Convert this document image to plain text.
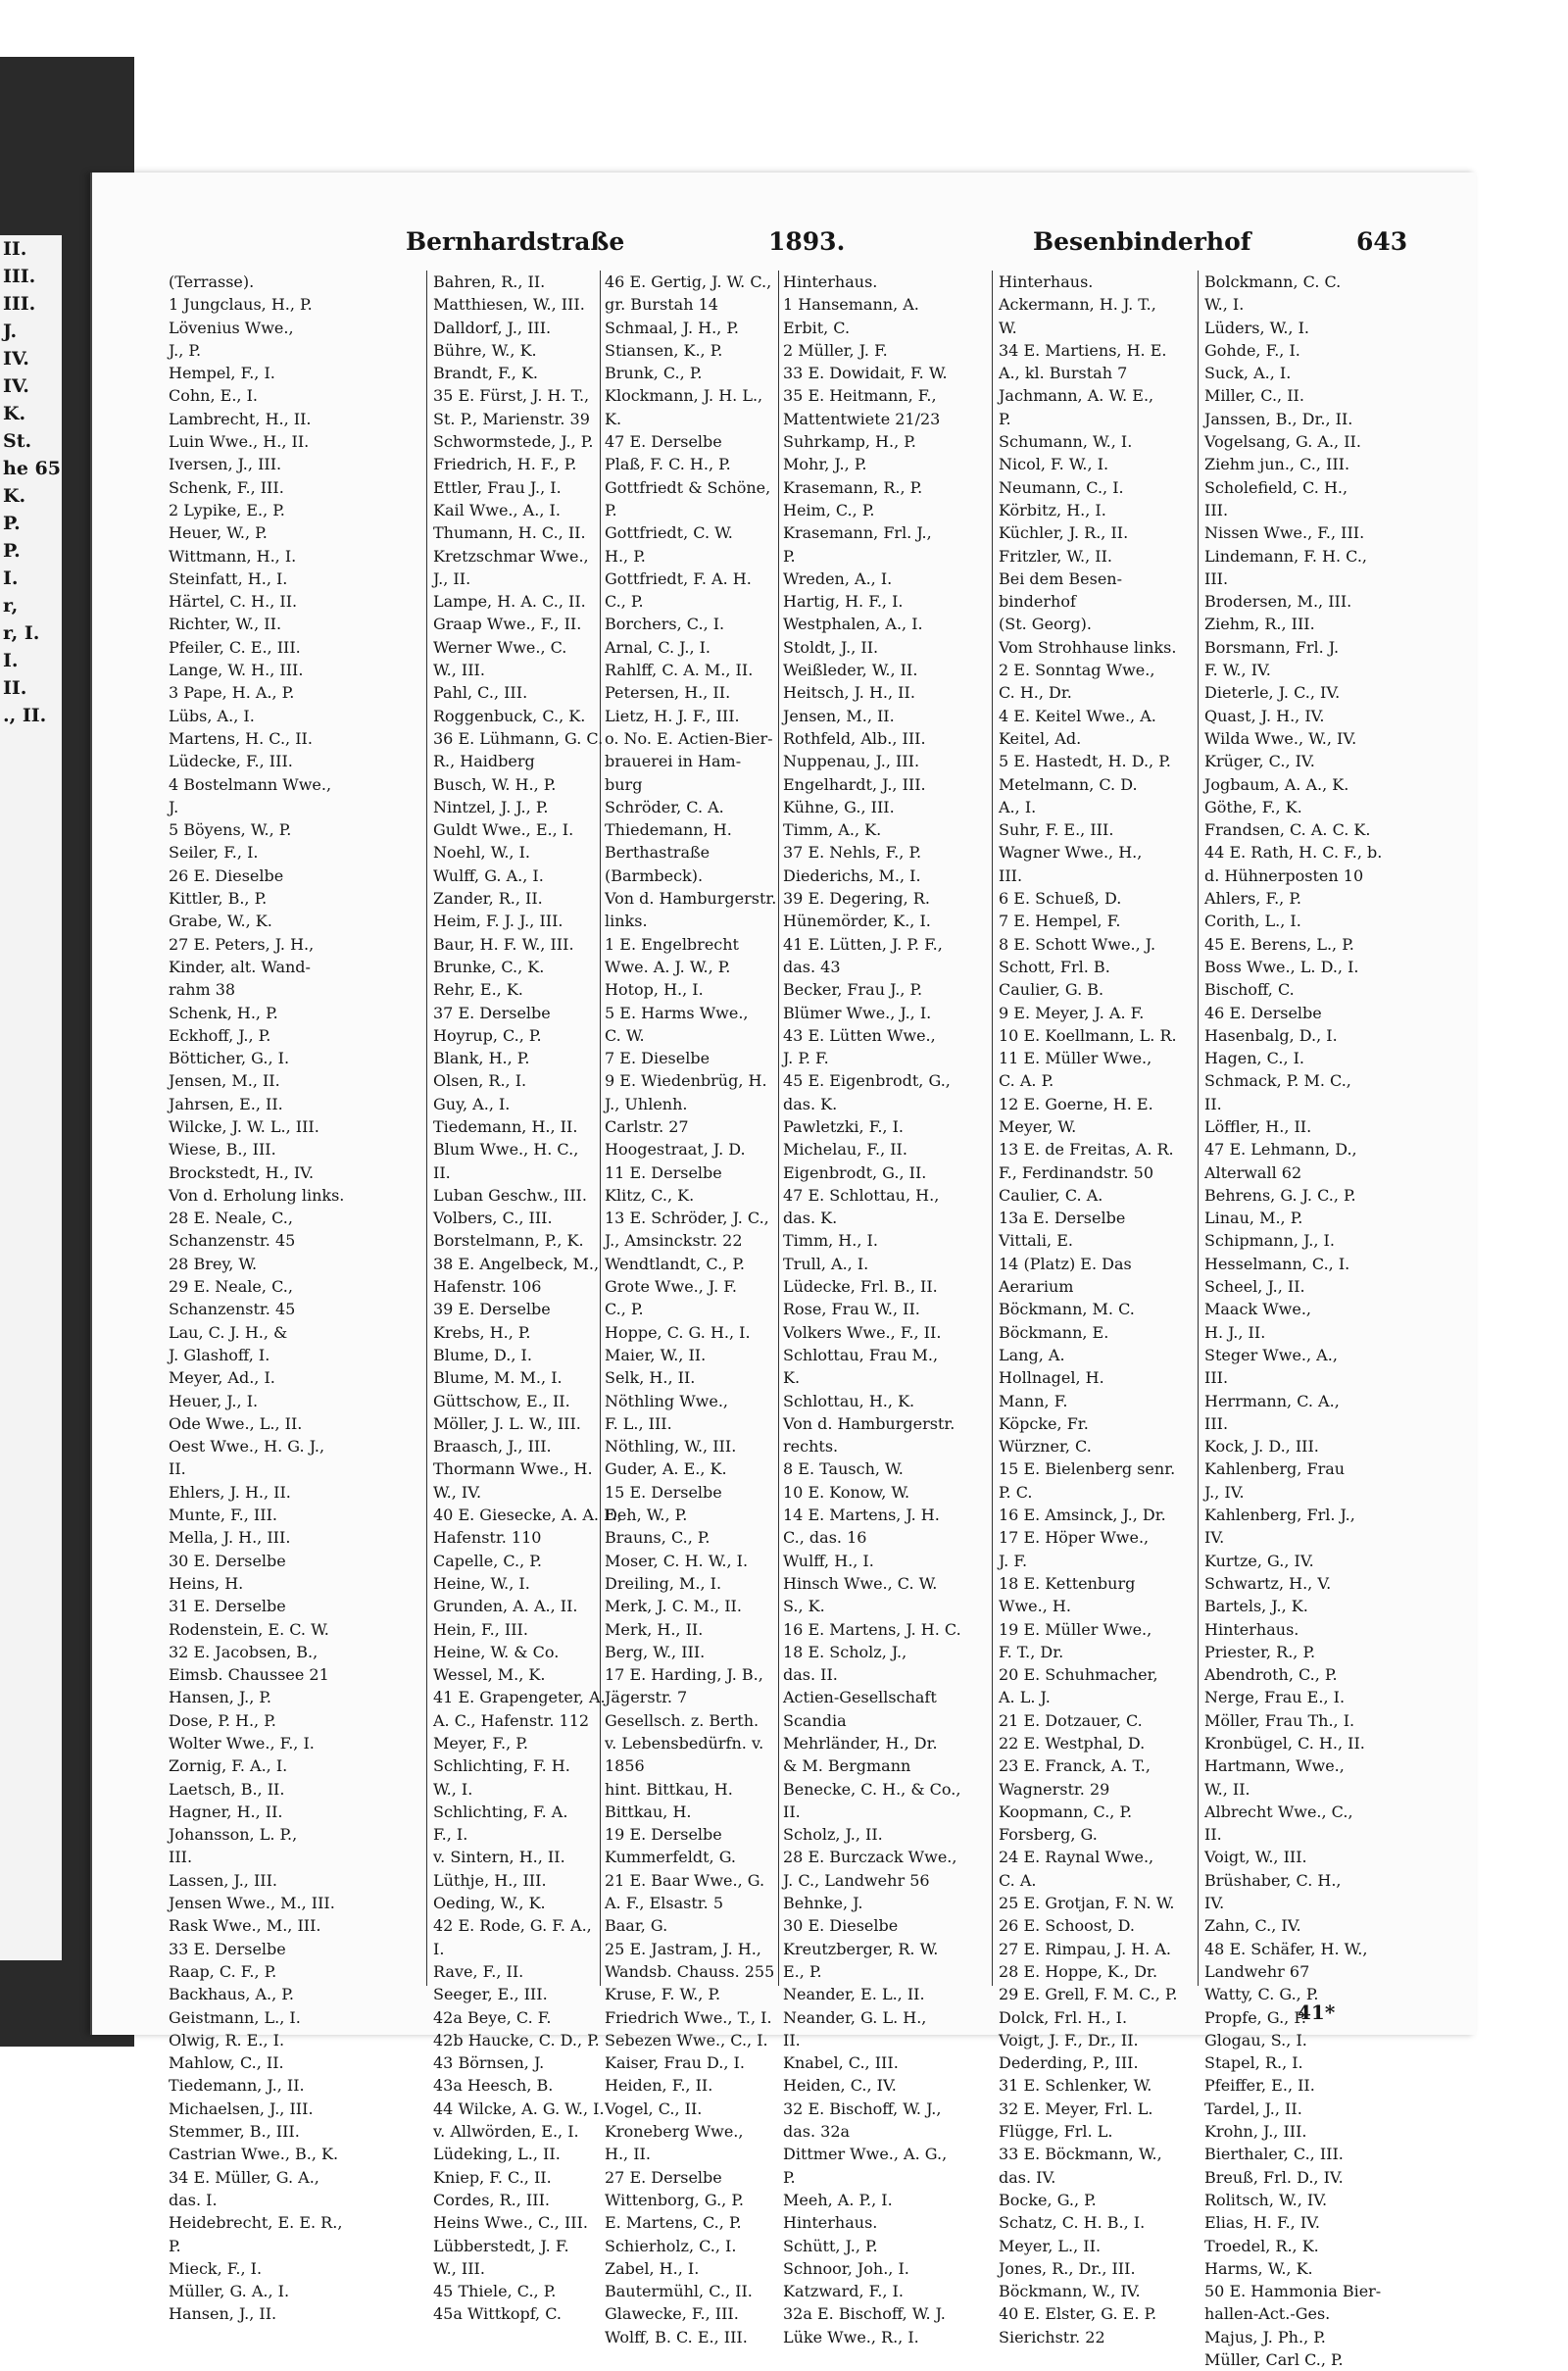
II.
III.
III.
J.
IV.
IV.
K.
St.
he 65
K.
P.
P.
I.
r,
r, I.
I.
II.
., II.
Bernhardstraße	1893.	Besenbinderhof	643
(Terrasse).
1 Jungclaus, H., P.
Lövenius Wwe.,
J., P.
Hempel, F., I.
Cohn, E., I.
Lambrecht, H., II.
Luin Wwe., H., II.
Iversen, J., III.
Schenk, F., III.
2 Lypike, E., P.
Heuer, W., P.
Wittmann, H., I.
Steinfatt, H., I.
Härtel, C. H., II.
Richter, W., II.
Pfeiler, C. E., III.
Lange, W. H., III.
3 Pape, H. A., P.
Lübs, A., I.
Martens, H. C., II.
Lüdecke, F., III.
4 Bostelmann Wwe.,
J.
5 Böyens, W., P.
Seiler, F., I.
26 E. Dieselbe
Kittler, B., P.
Grabe, W., K.
27 E. Peters, J. H.,
Kinder, alt. Wand-
rahm 38
Schenk, H., P.
Eckhoff, J., P.
Bötticher, G., I.
Jensen, M., II.
Jahrsen, E., II.
Wilcke, J. W. L., III.
Wiese, B., III.
Brockstedt, H., IV.
Von d. Erholung links.
28 E. Neale, C.,
Schanzenstr. 45
28 Brey, W.
29 E. Neale, C.,
Schanzenstr. 45
Lau, C. J. H., &
J. Glashoff, I.
Meyer, Ad., I.
Heuer, J., I.
Ode Wwe., L., II.
Oest Wwe., H. G. J.,
II.
Ehlers, J. H., II.
Munte, F., III.
Mella, J. H., III.
30 E. Derselbe
Heins, H.
31 E. Derselbe
Rodenstein, E. C. W.
32 E. Jacobsen, B.,
Eimsb. Chaussee 21
Hansen, J., P.
Dose, P. H., P.
Wolter Wwe., F., I.
Zornig, F. A., I.
Laetsch, B., II.
Hagner, H., II.
Johansson, L. P.,
III.
Lassen, J., III.
Jensen Wwe., M., III.
Rask Wwe., M., III.
33 E. Derselbe
Raap, C. F., P.
Backhaus, A., P.
Geistmann, L., I.
Olwig, R. E., I.
Mahlow, C., II.
Tiedemann, J., II.
Michaelsen, J., III.
Stemmer, B., III.
Castrian Wwe., B., K.
34 E. Müller, G. A.,
das. I.
Heidebrecht, E. E. R.,
P.
Mieck, F., I.
Müller, G. A., I.
Hansen, J., II.
Bahren, R., II.
Matthiesen, W., III.
Dalldorf, J., III.
Bühre, W., K.
Brandt, F., K.
35 E. Fürst, J. H. T.,
St. P., Marienstr. 39
Schwormstede, J., P.
Friedrich, H. F., P.
Ettler, Frau J., I.
Kail Wwe., A., I.
Thumann, H. C., II.
Kretzschmar Wwe.,
J., II.
Lampe, H. A. C., II.
Graap Wwe., F., II.
Werner Wwe., C.
W., III.
Pahl, C., III.
Roggenbuck, C., K.
36 E. Lühmann, G. C.
R., Haidberg
Busch, W. H., P.
Nintzel, J. J., P.
Guldt Wwe., E., I.
Noehl, W., I.
Wulff, G. A., I.
Zander, R., II.
Heim, F. J. J., III.
Baur, H. F. W., III.
Brunke, C., K.
Rehr, E., K.
37 E. Derselbe
Hoyrup, C., P.
Blank, H., P.
Olsen, R., I.
Guy, A., I.
Tiedemann, H., II.
Blum Wwe., H. C.,
II.
Luban Geschw., III.
Volbers, C., III.
Borstelmann, P., K.
38 E. Angelbeck, M.,
Hafenstr. 106
39 E. Derselbe
Krebs, H., P.
Blume, D., I.
Blume, M. M., I.
Güttschow, E., II.
Möller, J. L. W., III.
Braasch, J., III.
Thormann Wwe., H.
W., IV.
40 E. Giesecke, A. A. F.,
Hafenstr. 110
Capelle, C., P.
Heine, W., I.
Grunden, A. A., II.
Hein, F., III.
Heine, W. & Co.
Wessel, M., K.
41 E. Grapengeter, A.
A. C., Hafenstr. 112
Meyer, F., P.
Schlichting, F. H.
W., I.
Schlichting, F. A.
F., I.
v. Sintern, H., II.
Lüthje, H., III.
Oeding, W., K.
42 E. Rode, G. F. A.,
I.
Rave, F., II.
Seeger, E., III.
42a Beye, C. F.
42b Haucke, C. D., P.
43 Börnsen, J.
43a Heesch, B.
44 Wilcke, A. G. W., I.
v. Allwörden, E., I.
Lüdeking, L., II.
Kniep, F. C., II.
Cordes, R., III.
Heins Wwe., C., III.
Lübberstedt, J. F.
W., III.
45 Thiele, C., P.
45a Wittkopf, C.
46 E. Gertig, J. W. C.,
gr. Burstah 14
Schmaal, J. H., P.
Stiansen, K., P.
Brunk, C., P.
Klockmann, J. H. L.,
K.
47 E. Derselbe
Plaß, F. C. H., P.
Gottfriedt & Schöne,
P.
Gottfriedt, C. W.
H., P.
Gottfriedt, F. A. H.
C., P.
Borchers, C., I.
Arnal, C. J., I.
Rahlff, C. A. M., II.
Petersen, H., II.
Lietz, H. J. F., III.
o. No. E. Actien-Bier-
brauerei in Ham-
burg
Schröder, C. A.
Thiedemann, H.
Berthastraße
(Barmbeck).
Von d. Hamburgerstr.
links.
1 E. Engelbrecht
Wwe. A. J. W., P.
Hotop, H., I.
5 E. Harms Wwe.,
C. W.
7 E. Dieselbe
9 E. Wiedenbrüg, H.
J., Uhlenh.
Carlstr. 27
Hoogestraat, J. D.
11 E. Derselbe
Klitz, C., K.
13 E. Schröder, J. C.,
J., Amsinckstr. 22
Wendtlandt, C., P.
Grote Wwe., J. F.
C., P.
Hoppe, C. G. H., I.
Maier, W., II.
Selk, H., II.
Nöthling Wwe.,
F. L., III.
Nöthling, W., III.
Guder, A. E., K.
15 E. Derselbe
Deh, W., P.
Brauns, C., P.
Moser, C. H. W., I.
Dreiling, M., I.
Merk, J. C. M., II.
Merk, H., II.
Berg, W., III.
17 E. Harding, J. B.,
Jägerstr. 7
Gesellsch. z. Berth.
v. Lebensbedürfn. v.
1856
hint. Bittkau, H.
Bittkau, H.
19 E. Derselbe
Kummerfeldt, G.
21 E. Baar Wwe., G.
A. F., Elsastr. 5
Baar, G.
25 E. Jastram, J. H.,
Wandsb. Chauss. 255
Kruse, F. W., P.
Friedrich Wwe., T., I.
Sebezen Wwe., C., I.
Kaiser, Frau D., I.
Heiden, F., II.
Vogel, C., II.
Kroneberg Wwe.,
H., II.
27 E. Derselbe
Wittenborg, G., P.
E. Martens, C., P.
Schierholz, C., I.
Zabel, H., I.
Bautermühl, C., II.
Glawecke, F., III.
Wolff, B. C. E., III.
Hinterhaus.
1 Hansemann, A.
Erbit, C.
2 Müller, J. F.
33 E. Dowidait, F. W.
35 E. Heitmann, F.,
Mattentwiete 21/23
Suhrkamp, H., P.
Mohr, J., P.
Krasemann, R., P.
Heim, C., P.
Krasemann, Frl. J.,
P.
Wreden, A., I.
Hartig, H. F., I.
Westphalen, A., I.
Stoldt, J., II.
Weißleder, W., II.
Heitsch, J. H., II.
Jensen, M., II.
Rothfeld, Alb., III.
Nuppenau, J., III.
Engelhardt, J., III.
Kühne, G., III.
Timm, A., K.
37 E. Nehls, F., P.
Diederichs, M., I.
39 E. Degering, R.
Hünemörder, K., I.
41 E. Lütten, J. P. F.,
das. 43
Becker, Frau J., P.
Blümer Wwe., J., I.
43 E. Lütten Wwe.,
J. P. F.
45 E. Eigenbrodt, G.,
das. K.
Pawletzki, F., I.
Michelau, F., II.
Eigenbrodt, G., II.
47 E. Schlottau, H.,
das. K.
Timm, H., I.
Trull, A., I.
Lüdecke, Frl. B., II.
Rose, Frau W., II.
Volkers Wwe., F., II.
Schlottau, Frau M.,
K.
Schlottau, H., K.
Von d. Hamburgerstr.
rechts.
8 E. Tausch, W.
10 E. Konow, W.
14 E. Martens, J. H.
C., das. 16
Wulff, H., I.
Hinsch Wwe., C. W.
S., K.
16 E. Martens, J. H. C.
18 E. Scholz, J.,
das. II.
Actien-Gesellschaft
Scandia
Mehrländer, H., Dr.
& M. Bergmann
Benecke, C. H., & Co.,
II.
Scholz, J., II.
28 E. Burczack Wwe.,
J. C., Landwehr 56
Behnke, J.
30 E. Dieselbe
Kreutzberger, R. W.
E., P.
Neander, E. L., II.
Neander, G. L. H.,
II.
Knabel, C., III.
Heiden, C., IV.
32 E. Bischoff, W. J.,
das. 32a
Dittmer Wwe., A. G.,
P.
Meeh, A. P., I.
Hinterhaus.
Schütt, J., P.
Schnoor, Joh., I.
Katzward, F., I.
32a E. Bischoff, W. J.
Lüke Wwe., R., I.
Hinterhaus.
Ackermann, H. J. T.,
W.
34 E. Martiens, H. E.
A., kl. Burstah 7
Jachmann, A. W. E.,
P.
Schumann, W., I.
Nicol, F. W., I.
Neumann, C., I.
Körbitz, H., I.
Küchler, J. R., II.
Fritzler, W., II.
Bei dem Besen-
binderhof
(St. Georg).
Vom Strohhause links.
2 E. Sonntag Wwe.,
C. H., Dr.
4 E. Keitel Wwe., A.
Keitel, Ad.
5 E. Hastedt, H. D., P.
Metelmann, C. D.
A., I.
Suhr, F. E., III.
Wagner Wwe., H.,
III.
6 E. Schueß, D.
7 E. Hempel, F.
8 E. Schott Wwe., J.
Schott, Frl. B.
Caulier, G. B.
9 E. Meyer, J. A. F.
10 E. Koellmann, L. R.
11 E. Müller Wwe.,
C. A. P.
12 E. Goerne, H. E.
Meyer, W.
13 E. de Freitas, A. R.
F., Ferdinandstr. 50
Caulier, C. A.
13a E. Derselbe
Vittali, E.
14 (Platz) E. Das
Aerarium
Böckmann, M. C.
Böckmann, E.
Lang, A.
Hollnagel, H.
Mann, F.
Köpcke, Fr.
Würzner, C.
15 E. Bielenberg senr.
P. C.
16 E. Amsinck, J., Dr.
17 E. Höper Wwe.,
J. F.
18 E. Kettenburg
Wwe., H.
19 E. Müller Wwe.,
F. T., Dr.
20 E. Schuhmacher,
A. L. J.
21 E. Dotzauer, C.
22 E. Westphal, D.
23 E. Franck, A. T.,
Wagnerstr. 29
Koopmann, C., P.
Forsberg, G.
24 E. Raynal Wwe.,
C. A.
25 E. Grotjan, F. N. W.
26 E. Schoost, D.
27 E. Rimpau, J. H. A.
28 E. Hoppe, K., Dr.
29 E. Grell, F. M. C., P.
Dolck, Frl. H., I.
Voigt, J. F., Dr., II.
Dederding, P., III.
31 E. Schlenker, W.
32 E. Meyer, Frl. L.
Flügge, Frl. L.
33 E. Böckmann, W.,
das. IV.
Bocke, G., P.
Schatz, C. H. B., I.
Meyer, L., II.
Jones, R., Dr., III.
Böckmann, W., IV.
40 E. Elster, G. E. P.
Sierichstr. 22
Bolckmann, C. C.
W., I.
Lüders, W., I.
Gohde, F., I.
Suck, A., I.
Miller, C., II.
Janssen, B., Dr., II.
Vogelsang, G. A., II.
Ziehm jun., C., III.
Scholefield, C. H.,
III.
Nissen Wwe., F., III.
Lindemann, F. H. C.,
III.
Brodersen, M., III.
Ziehm, R., III.
Borsmann, Frl. J.
F. W., IV.
Dieterle, J. C., IV.
Quast, J. H., IV.
Wilda Wwe., W., IV.
Krüger, C., IV.
Jogbaum, A. A., K.
Göthe, F., K.
Frandsen, C. A. C. K.
44 E. Rath, H. C. F., b.
d. Hühnerposten 10
Ahlers, F., P.
Corith, L., I.
45 E. Berens, L., P.
Boss Wwe., L. D., I.
Bischoff, C.
46 E. Derselbe
Hasenbalg, D., I.
Hagen, C., I.
Schmack, P. M. C.,
II.
Löffler, H., II.
47 E. Lehmann, D.,
Alterwall 62
Behrens, G. J. C., P.
Linau, M., P.
Schipmann, J., I.
Hesselmann, C., I.
Scheel, J., II.
Maack Wwe.,
H. J., II.
Steger Wwe., A.,
III.
Herrmann, C. A.,
III.
Kock, J. D., III.
Kahlenberg, Frau
J., IV.
Kahlenberg, Frl. J.,
IV.
Kurtze, G., IV.
Schwartz, H., V.
Bartels, J., K.
Hinterhaus.
Priester, R., P.
Abendroth, C., P.
Nerge, Frau E., I.
Möller, Frau Th., I.
Kronbügel, C. H., II.
Hartmann, Wwe.,
W., II.
Albrecht Wwe., C.,
II.
Voigt, W., III.
Brüshaber, C. H.,
IV.
Zahn, C., IV.
48 E. Schäfer, H. W.,
Landwehr 67
Watty, C. G., P.
Propfe, G., P.
Glogau, S., I.
Stapel, R., I.
Pfeiffer, E., II.
Tardel, J., II.
Krohn, J., III.
Bierthaler, C., III.
Breuß, Frl. D., IV.
Rolitsch, W., IV.
Elias, H. F., IV.
Troedel, R., K.
Harms, W., K.
50 E. Hammonia Bier-
hallen-Act.-Ges.
Majus, J. Ph., P.
Müller, Carl C., P.
41*
